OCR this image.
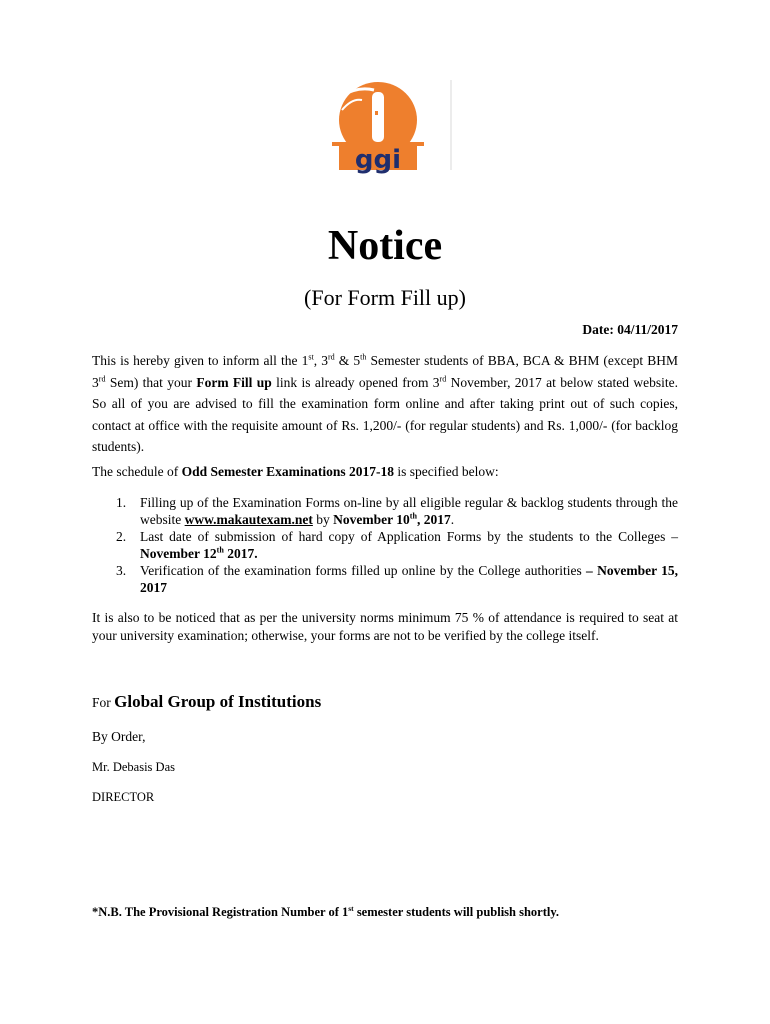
ggi
Notice
(For Form Fill up)
Date: 04/11/2017
This is hereby given to inform all the 1st, 3rd & 5th Semester students of BBA, BCA & BHM (except BHM 3rd Sem) that your Form Fill up link is already opened from 3rd November, 2017 at below stated website. So all of you are advised to fill the examination form online and after taking print out of such copies, contact at office with the requisite amount of Rs. 1,200/- (for regular students) and Rs. 1,000/- (for backlog students).
The schedule of Odd Semester Examinations 2017-18 is specified below:
1. Filling up of the Examination Forms on-line by all eligible regular & backlog students through the website www.makautexam.net by November 10th, 2017.
2. Last date of submission of hard copy of Application Forms by the students to the Colleges – November 12th 2017.
3. Verification of the examination forms filled up online by the College authorities – November 15, 2017
It is also to be noticed that as per the university norms minimum 75 % of attendance is required to seat at your university examination; otherwise, your forms are not to be verified by the college itself.
For Global Group of Institutions
By Order,
Mr. Debasis Das
DIRECTOR
*N.B. The Provisional Registration Number of 1st semester students will publish shortly.
